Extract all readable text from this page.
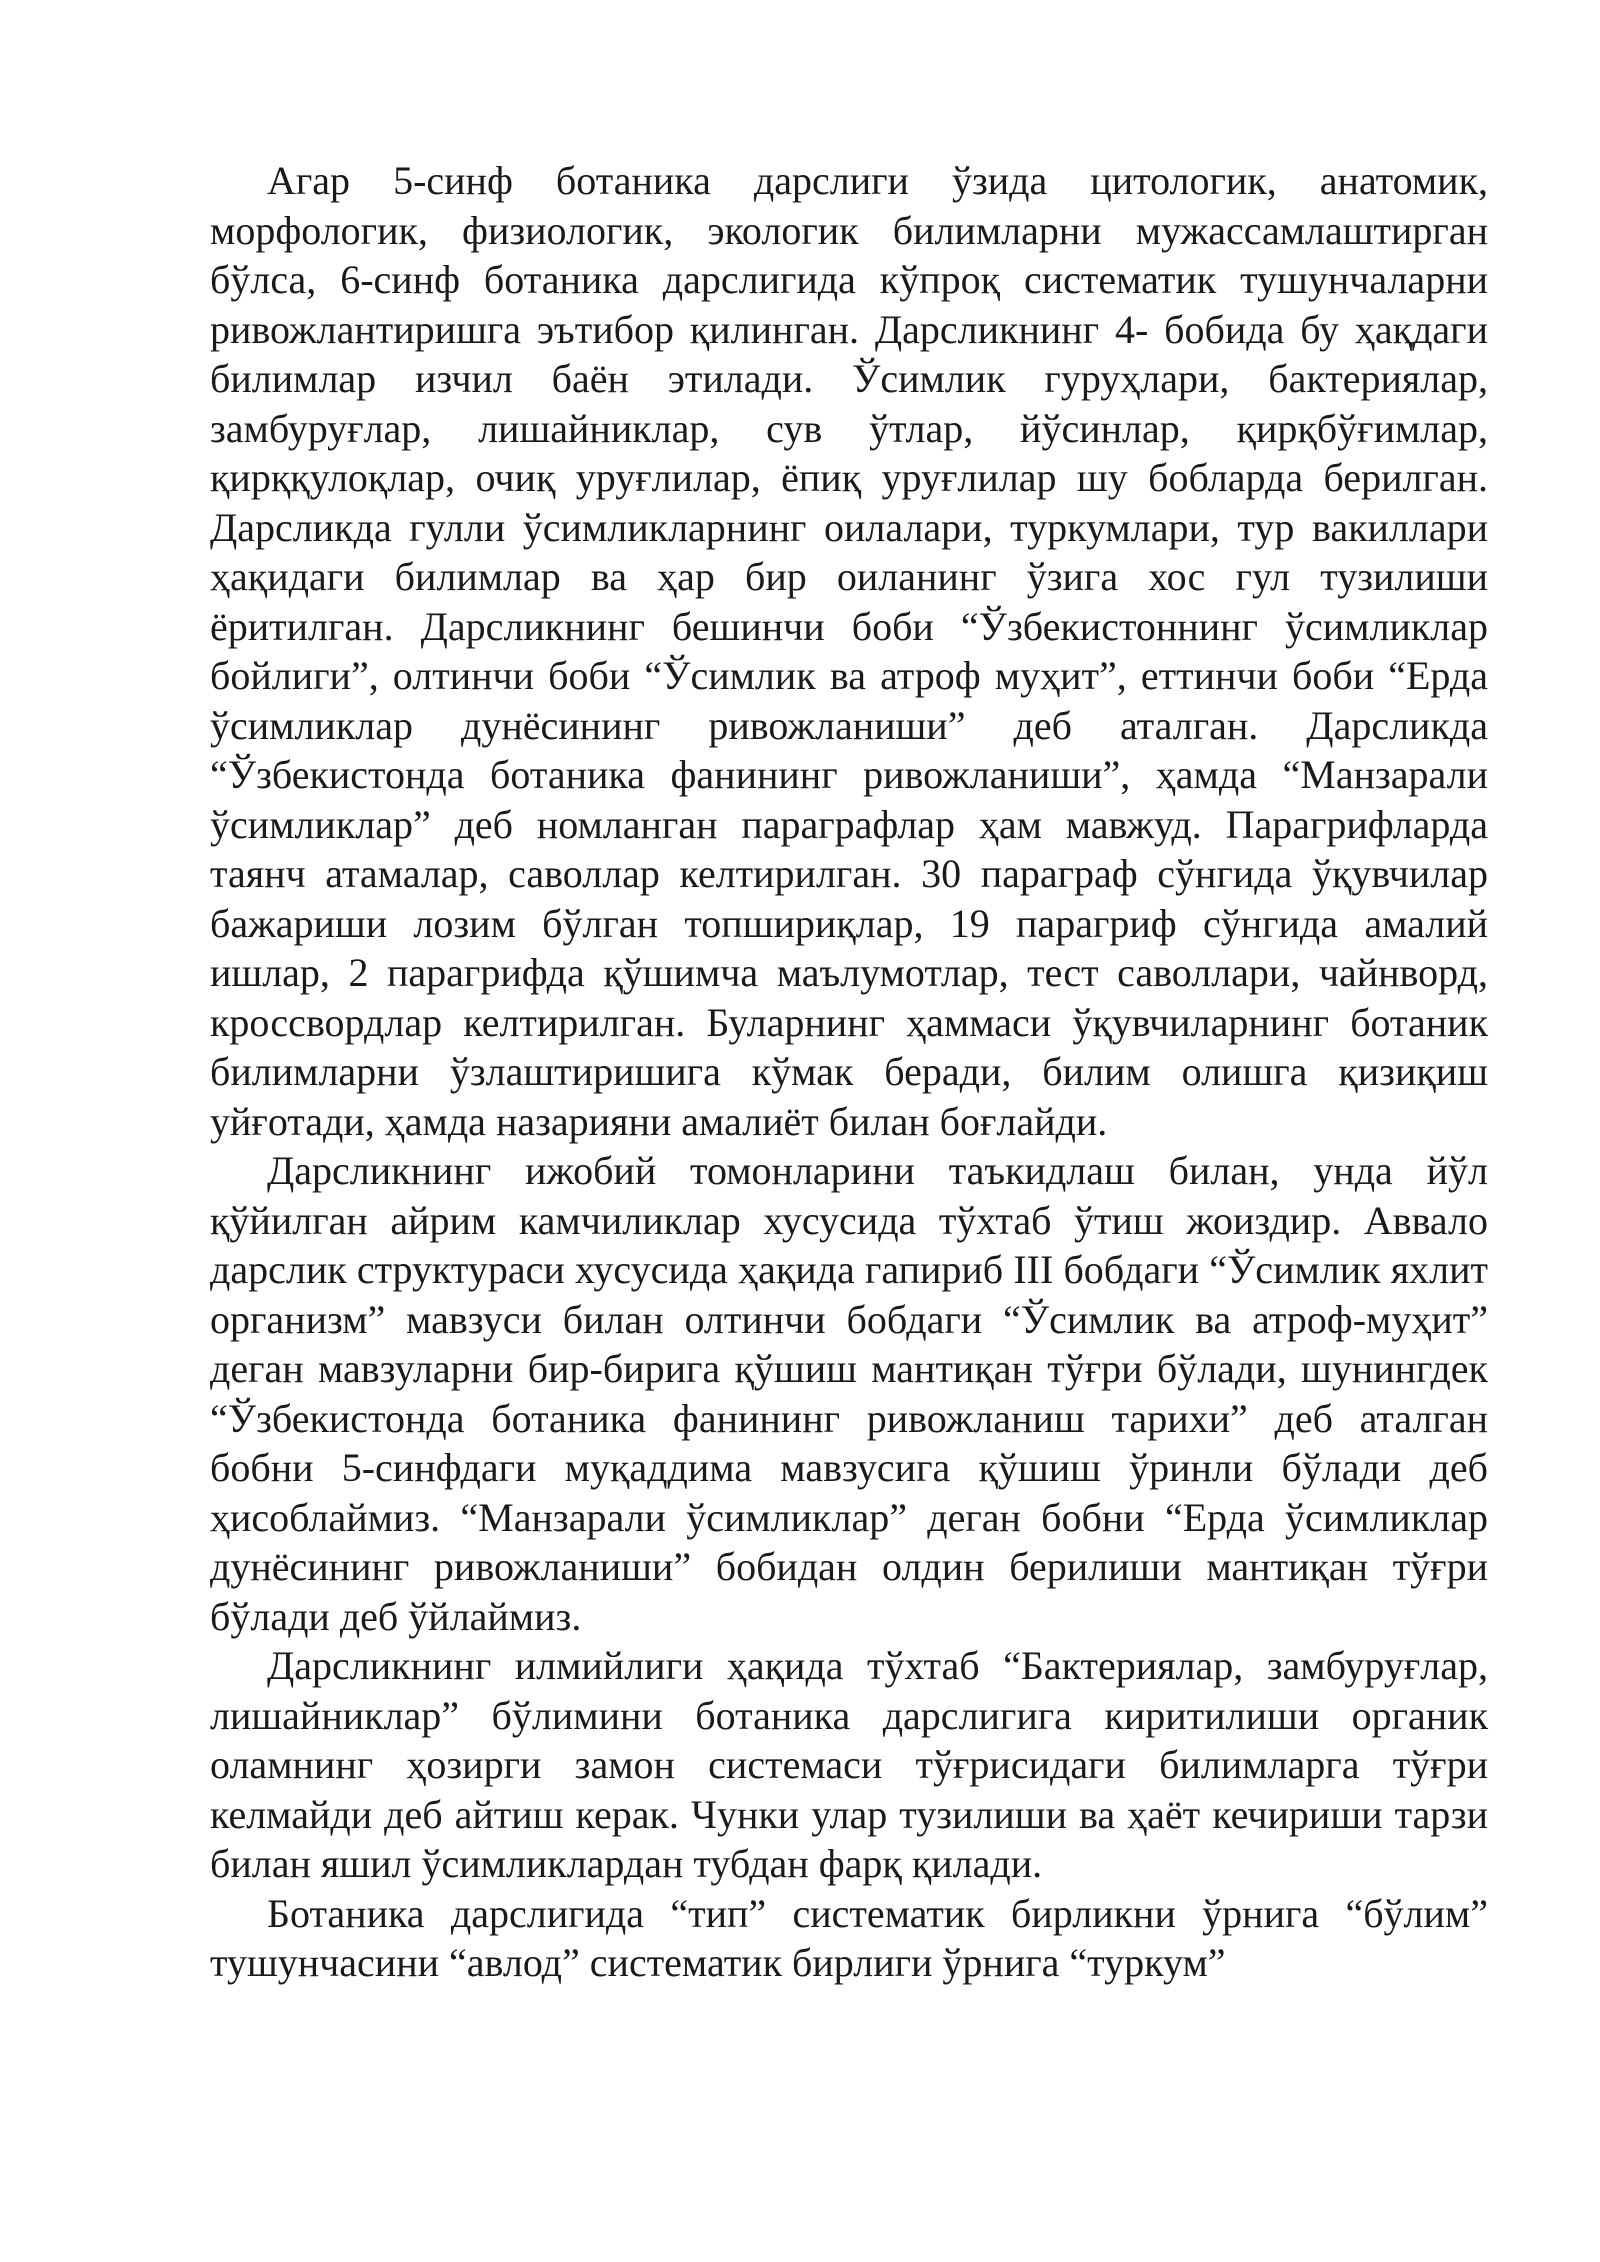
Агар 5-синф ботаника дарслиги ўзида цитологик, анатомик, морфологик, физиологик, экологик билимларни мужассамлаштирган бўлса, 6-синф ботаника дарслигида кўпроқ систематик тушунчаларни ривожлантиришга эътибор қилинган. Дарсликнинг 4- бобида бу ҳақдаги билимлар изчил баён этилади. Ўсимлик гуруҳлари, бактериялар, замбуруғлар, лишайниклар, сув ўтлар, йўсинлар, қирқбўғимлар, қирққулоқлар, очиқ уруғлилар, ёпиқ уруғлилар шу бобларда берилган. Дарсликда гулли ўсимликларнинг оилалари, туркумлари, тур вакиллари ҳақидаги билимлар ва ҳар бир оиланинг ўзига хос гул тузилиши ёритилган. Дарсликнинг бешинчи боби “Ўзбекистоннинг ўсимликлар бойлиги”, олтинчи боби “Ўсимлик ва атроф муҳит”, еттинчи боби “Ерда ўсимликлар дунёсининг ривожланиши” деб аталган. Дарсликда “Ўзбекистонда ботаника фанининг ривожланиши”, ҳамда “Манзарали ўсимликлар” деб номланган параграфлар ҳам мавжуд. Парагрифларда таянч атамалар, саволлар келтирилган. 30 параграф сўнгида ўқувчилар бажариши лозим бўлган топшириқлар, 19 парагриф сўнгида амалий ишлар, 2 парагрифда қўшимча маълумотлар, тест саволлари, чайнворд, кроссвордлар келтирилган. Буларнинг ҳаммаси ўқувчиларнинг ботаник билимларни ўзлаштиришига кўмак беради, билим олишга қизиқиш уйғотади, ҳамда назарияни амалиёт билан боғлайди.

Дарсликнинг ижобий томонларини таъкидлаш билан, унда йўл қўйилган айрим камчиликлар хусусида тўхтаб ўтиш жоиздир. Аввало дарслик структураси хусусида ҳақида гапириб III бобдаги “Ўсимлик яхлит организм” мавзуси билан олтинчи бобдаги “Ўсимлик ва атроф-муҳит” деган мавзуларни бир-бирига қўшиш мантиқан тўғри бўлади, шунингдек “Ўзбекистонда ботаника фанининг ривожланиш тарихи” деб аталган бобни 5-синфдаги муқаддима мавзусига қўшиш ўринли бўлади деб ҳисоблаймиз. “Манзарали ўсимликлар” деган бобни “Ерда ўсимликлар дунёсининг ривожланиши” бобидан олдин берилиши мантиқан тўғри бўлади деб ўйлаймиз.

Дарсликнинг илмийлиги ҳақида тўхтаб “Бактериялар, замбуруғлар, лишайниклар” бўлимини ботаника дарслигига киритилиши органик оламнинг ҳозирги замон системаси тўғрисидаги билимларга тўғри келмайди деб айтиш керак. Чунки улар тузилиши ва ҳаёт кечириши тарзи билан яшил ўсимликлардан тубдан фарқ қилади.

Ботаника дарслигида “тип” систематик бирликни ўрнига “бўлим” тушунчасини “авлод” систематик бирлиги ўрнига “туркум”
